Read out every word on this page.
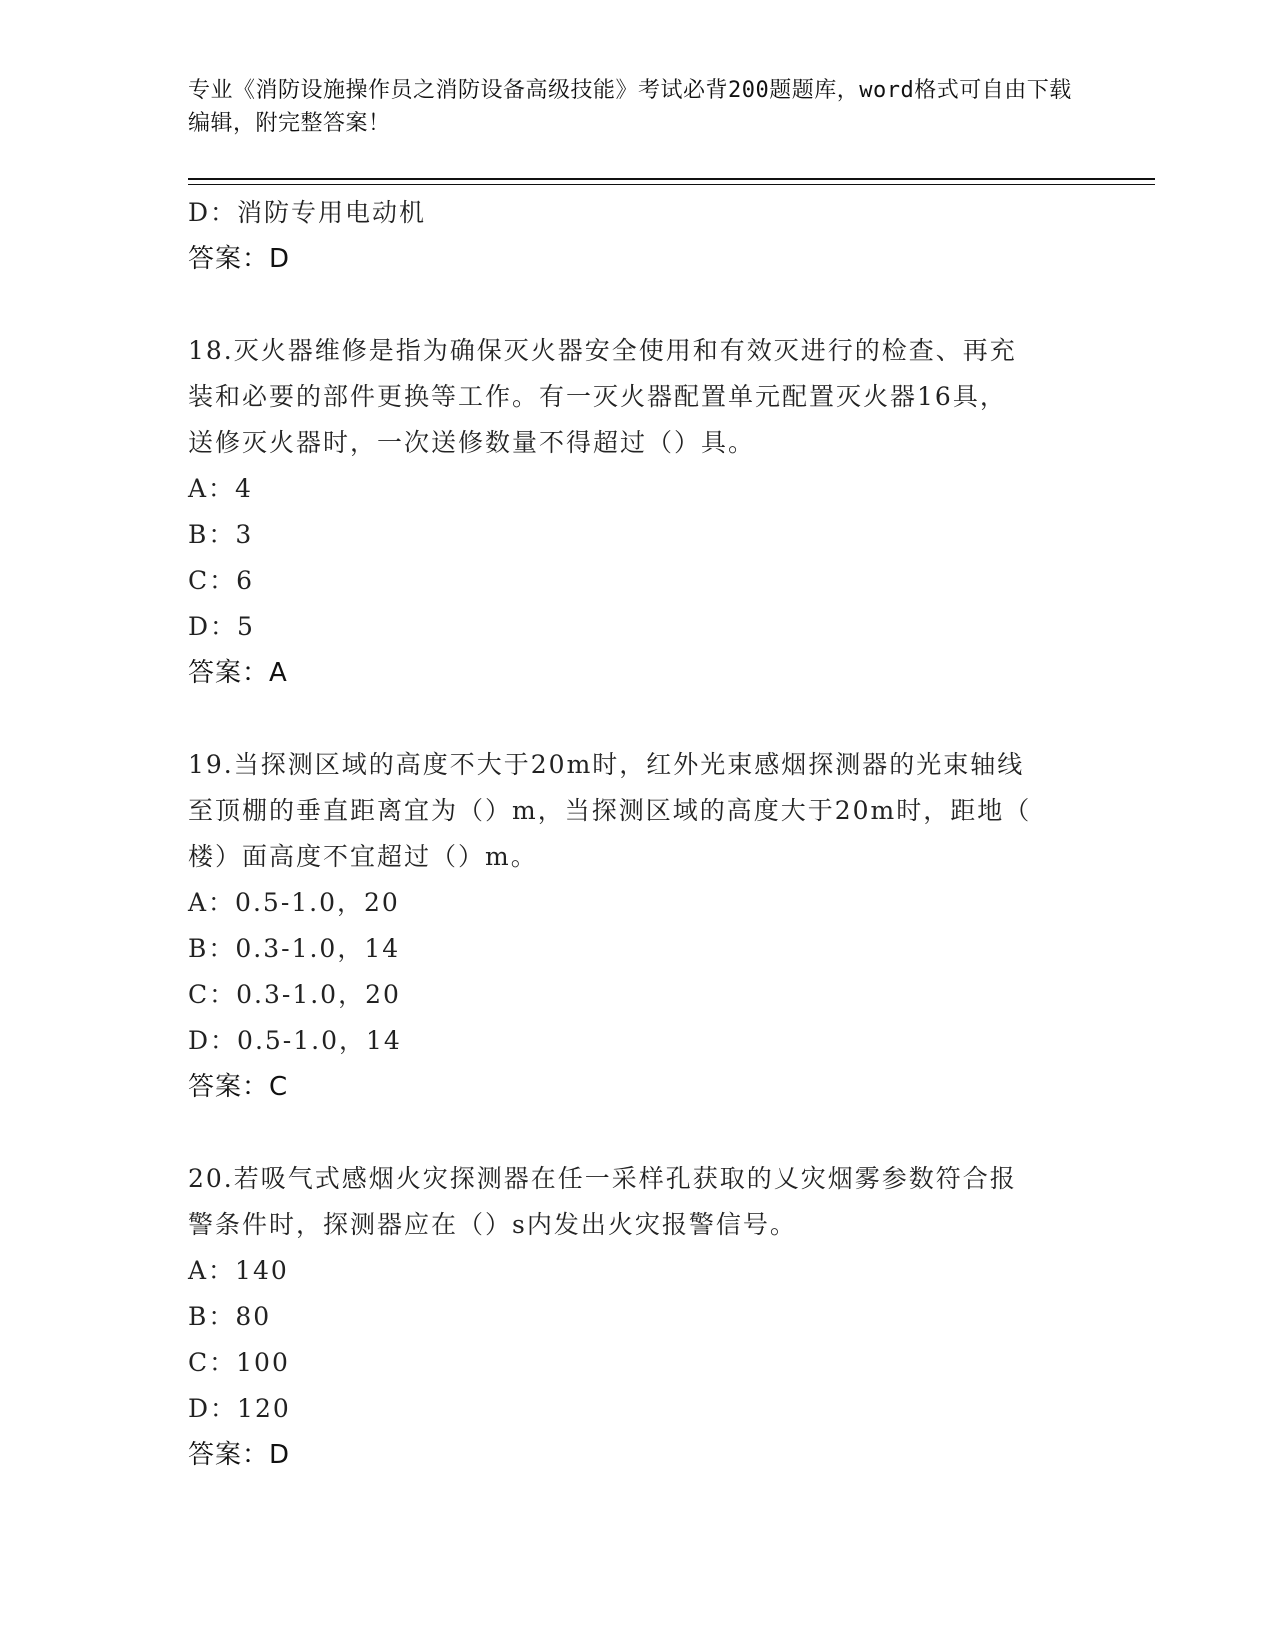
专业《消防设施操作员之消防设备高级技能》考试必背200题题库，word格式可自由下载编辑，附完整答案！
D：消防专用电动机
答案：D
18.灭火器维修是指为确保灭火器安全使用和有效灭进行的检查、再充
装和必要的部件更换等工作。有一灭火器配置单元配置灭火器16具，
送修灭火器时，一次送修数量不得超过（）具。
A：4
B：3
C：6
D：5
答案：A
19.当探测区域的高度不大于20m时，红外光束感烟探测器的光束轴线
至顶棚的垂直距离宜为（）m，当探测区域的高度大于20m时，距地（
楼）面高度不宜超过（）m。
A：0.5-1.0，20
B：0.3-1.0，14
C：0.3-1.0，20
D：0.5-1.0，14
答案：C
20.若吸气式感烟火灾探测器在任一采样孔获取的乂灾烟雾参数符合报
警条件时，探测器应在（）s内发出火灾报警信号。
A：140
B：80
C：100
D：120
答案：D
